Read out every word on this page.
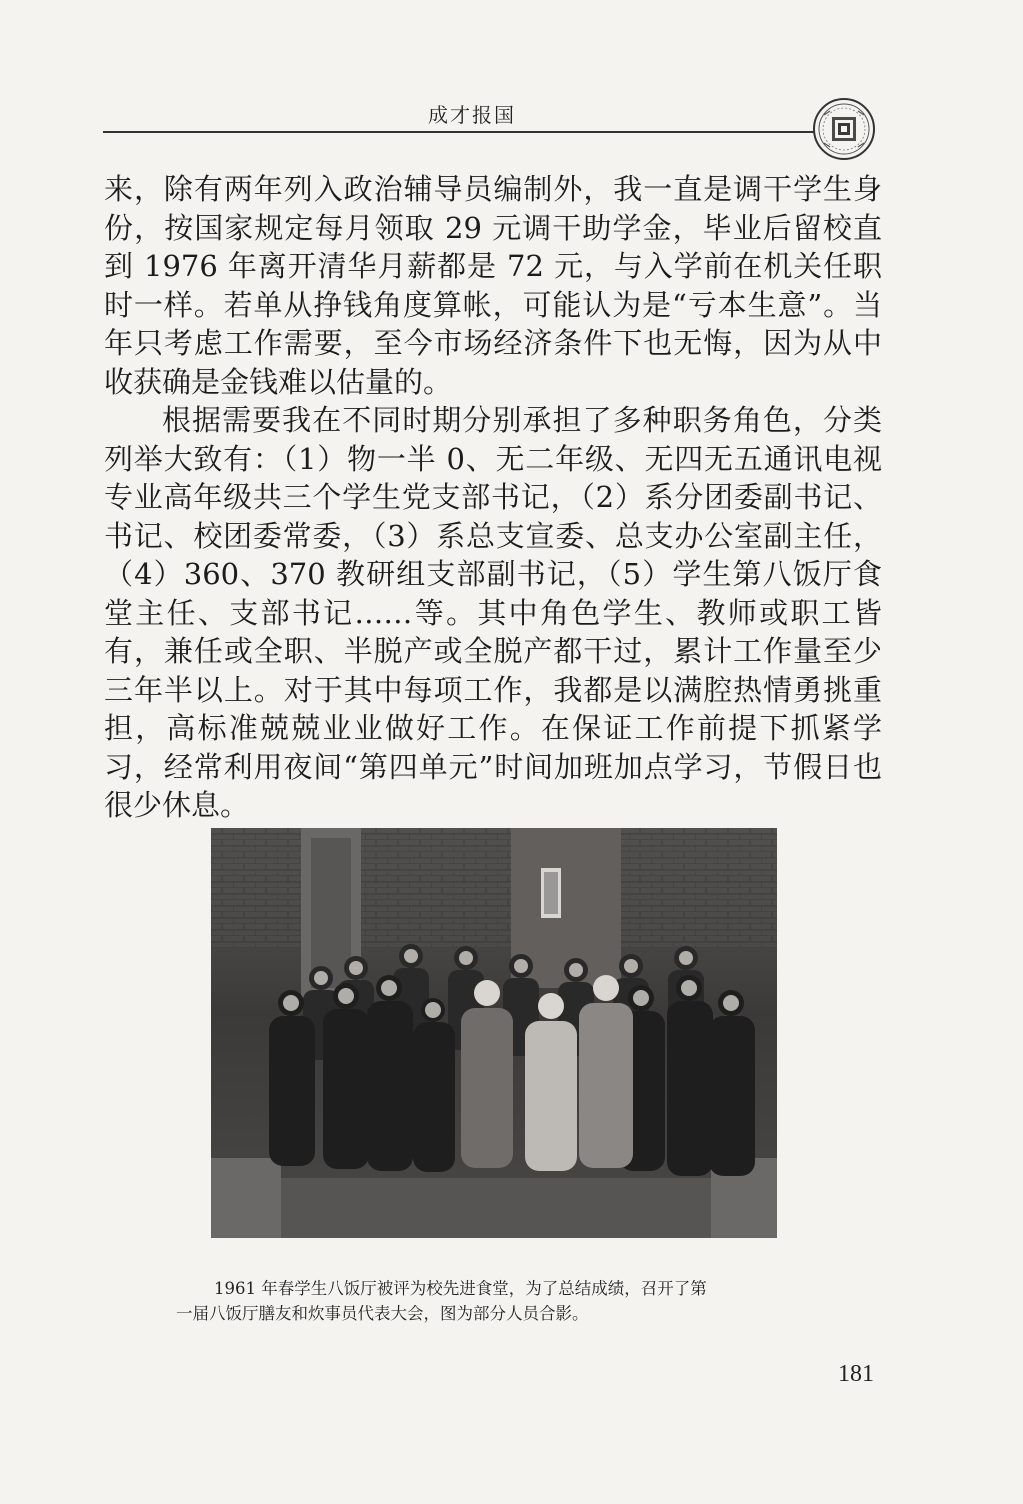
成才报国

来，除有两年列入政治辅导员编制外，我一直是调干学生身份，按国家规定每月领取 29 元调干助学金，毕业后留校直到 1976 年离开清华月薪都是 72 元，与入学前在机关任职时一样。若单从挣钱角度算帐，可能认为是“亏本生意”。当年只考虑工作需要，至今市场经济条件下也无悔，因为从中收获确是金钱难以估量的。

根据需要我在不同时期分别承担了多种职务角色，分类列举大致有：（1）物一半 0、无二年级、无四无五通讯电视专业高年级共三个学生党支部书记，（2）系分团委副书记、书记、校团委常委，（3）系总支宣委、总支办公室副主任，（4）360、370 教研组支部副书记，（5）学生第八饭厅食堂主任、支部书记……等。其中角色学生、教师或职工皆有，兼任或全职、半脱产或全脱产都干过，累计工作量至少三年半以上。对于其中每项工作，我都是以满腔热情勇挑重担，高标准兢兢业业做好工作。在保证工作前提下抓紧学习，经常利用夜间“第四单元”时间加班加点学习，节假日也很少休息。

1961 年春学生八饭厅被评为校先进食堂，为了总结成绩，召开了第
一届八饭厅膳友和炊事员代表大会，图为部分人员合影。
181
